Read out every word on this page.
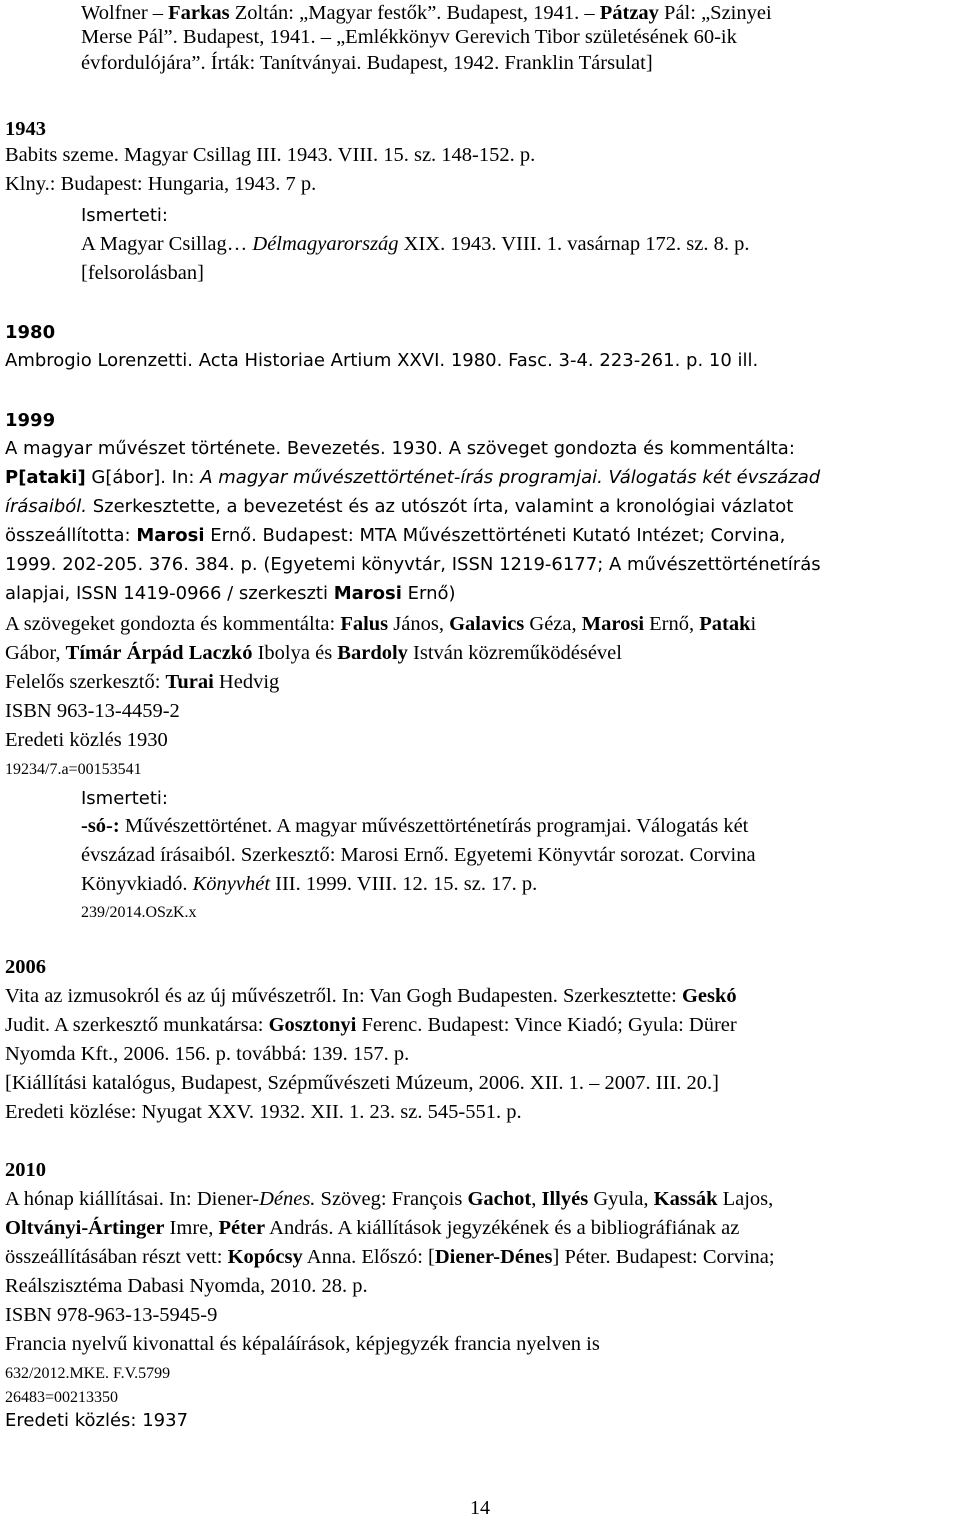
Wolfner – Farkas Zoltán: „Magyar festők”. Budapest, 1941. – Pátzay Pál: „Szinyei
Merse Pál”. Budapest, 1941. – „Emlékkönyv Gerevich Tibor születésének 60-ik
évfordulójára”. Írták: Tanítványai. Budapest, 1942. Franklin Társulat]
1943
Babits szeme. Magyar Csillag III. 1943. VIII. 15. sz. 148-152. p.
Klny.: Budapest: Hungaria, 1943. 7 p.
Ismerteti:
A Magyar Csillag… Délmagyarország XIX. 1943. VIII. 1. vasárnap 172. sz. 8. p.
[felsorolásban]
1980
Ambrogio Lorenzetti. Acta Historiae Artium XXVI. 1980. Fasc. 3-4. 223-261. p. 10 ill.
1999
A magyar művészet története. Bevezetés. 1930. A szöveget gondozta és kommentálta:
P[ataki] G[ábor]. In: A magyar művészettörténet-írás programjai. Válogatás két évszázad
írásaiból. Szerkesztette, a bevezetést és az utószót írta, valamint a kronológiai vázlatot
összeállította: Marosi Ernő. Budapest: MTA Művészettörténeti Kutató Intézet; Corvina,
1999. 202-205. 376. 384. p. (Egyetemi könyvtár, ISSN 1219-6177; A művészettörténetírás
alapjai, ISSN 1419-0966 / szerkeszti Marosi Ernő)
A szövegeket gondozta és kommentálta: Falus János, Galavics Géza, Marosi Ernő, Pataki
Gábor, Tímár Árpád Laczkó Ibolya és Bardoly István közreműködésével
Felelős szerkesztő: Turai Hedvig
ISBN 963-13-4459-2
Eredeti közlés 1930
19234/7.a=00153541
Ismerteti:
-só-: Művészettörténet. A magyar művészettörténetírás programjai. Válogatás két
évszázad írásaiból. Szerkesztő: Marosi Ernő. Egyetemi Könyvtár sorozat. Corvina
Könyvkiadó. Könyvhét III. 1999. VIII. 12. 15. sz. 17. p.
239/2014.OSzK.x
2006
Vita az izmusokról és az új művészetről. In: Van Gogh Budapesten. Szerkesztette: Geskó
Judit. A szerkesztő munkatársa: Gosztonyi Ferenc. Budapest: Vince Kiadó; Gyula: Dürer
Nyomda Kft., 2006. 156. p. továbbá: 139. 157. p.
[Kiállítási katalógus, Budapest, Szépművészeti Múzeum, 2006. XII. 1. – 2007. III. 20.]
Eredeti közlése: Nyugat XXV. 1932. XII. 1. 23. sz. 545-551. p.
2010
A hónap kiállításai. In: Diener-Dénes. Szöveg: François Gachot, Illyés Gyula, Kassák Lajos,
Oltványi-Ártinger Imre, Péter András. A kiállítások jegyzékének és a bibliográfiának az
összeállításában részt vett: Kopócsy Anna. Előszó: [Diener-Dénes] Péter. Budapest: Corvina;
Reálszisztéma Dabasi Nyomda, 2010. 28. p.
ISBN 978-963-13-5945-9
Francia nyelvű kivonattal és képaláírások, képjegyzék francia nyelven is
632/2012.MKE. F.V.5799
26483=00213350
Eredeti közlés: 1937
14
